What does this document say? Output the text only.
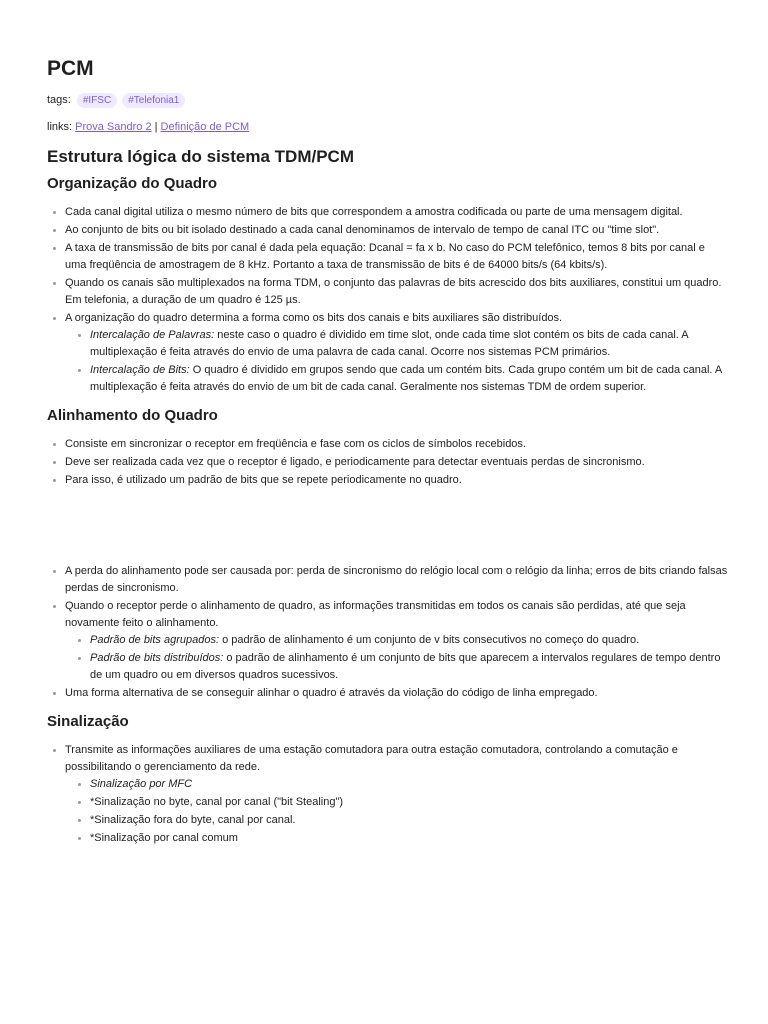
PCM
tags:	#IFSC	#Telefonia1
links: Prova Sandro 2 | Definição de PCM
Estrutura lógica do sistema TDM/PCM
Organização do Quadro
Cada canal digital utiliza o mesmo número de bits que correspondem a amostra codificada ou parte de uma mensagem digital.
Ao conjunto de bits ou bit isolado destinado a cada canal denominamos de intervalo de tempo de canal ITC ou "time slot".
A taxa de transmissão de bits por canal é dada pela equação: Dcanal = fa x b. No caso do PCM telefônico, temos 8 bits por canal e uma freqüência de amostragem de 8 kHz. Portanto a taxa de transmissão de bits é de 64000 bits/s (64 kbits/s).
Quando os canais são multiplexados na forma TDM, o conjunto das palavras de bits acrescido dos bits auxiliares, constitui um quadro. Em telefonia, a duração de um quadro é 125 µs.
A organização do quadro determina a forma como os bits dos canais e bits auxiliares são distribuídos.
Intercalação de Palavras: neste caso o quadro é dividido em time slot, onde cada time slot contém os bits de cada canal. A multiplexação é feita através do envio de uma palavra de cada canal. Ocorre nos sistemas PCM primários.
Intercalação de Bits: O quadro é dividido em grupos sendo que cada um contém bits. Cada grupo contém um bit de cada canal. A multiplexação é feita através do envio de um bit de cada canal. Geralmente nos sistemas TDM de ordem superior.
Alinhamento do Quadro
Consiste em sincronizar o receptor em freqüência e fase com os ciclos de símbolos recebidos.
Deve ser realizada cada vez que o receptor é ligado, e periodicamente para detectar eventuais perdas de sincronismo.
Para isso, é utilizado um padrão de bits que se repete periodicamente no quadro.
A perda do alinhamento pode ser causada por: perda de sincronismo do relógio local com o relógio da linha; erros de bits criando falsas perdas de sincronismo.
Quando o receptor perde o alinhamento de quadro, as informações transmitidas em todos os canais são perdidas, até que seja novamente feito o alinhamento.
Padrão de bits agrupados: o padrão de alinhamento é um conjunto de v bits consecutivos no começo do quadro.
Padrão de bits distribuídos: o padrão de alinhamento é um conjunto de bits que aparecem a intervalos regulares de tempo dentro de um quadro ou em diversos quadros sucessivos.
Uma forma alternativa de se conseguir alinhar o quadro é através da violação do código de linha empregado.
Sinalização
Transmite as informações auxiliares de uma estação comutadora para outra estação comutadora, controlando a comutação e possibilitando o gerenciamento da rede.
Sinalização por MFC
*Sinalização no byte, canal por canal ("bit Stealing")
*Sinalização fora do byte, canal por canal.
*Sinalização por canal comum
